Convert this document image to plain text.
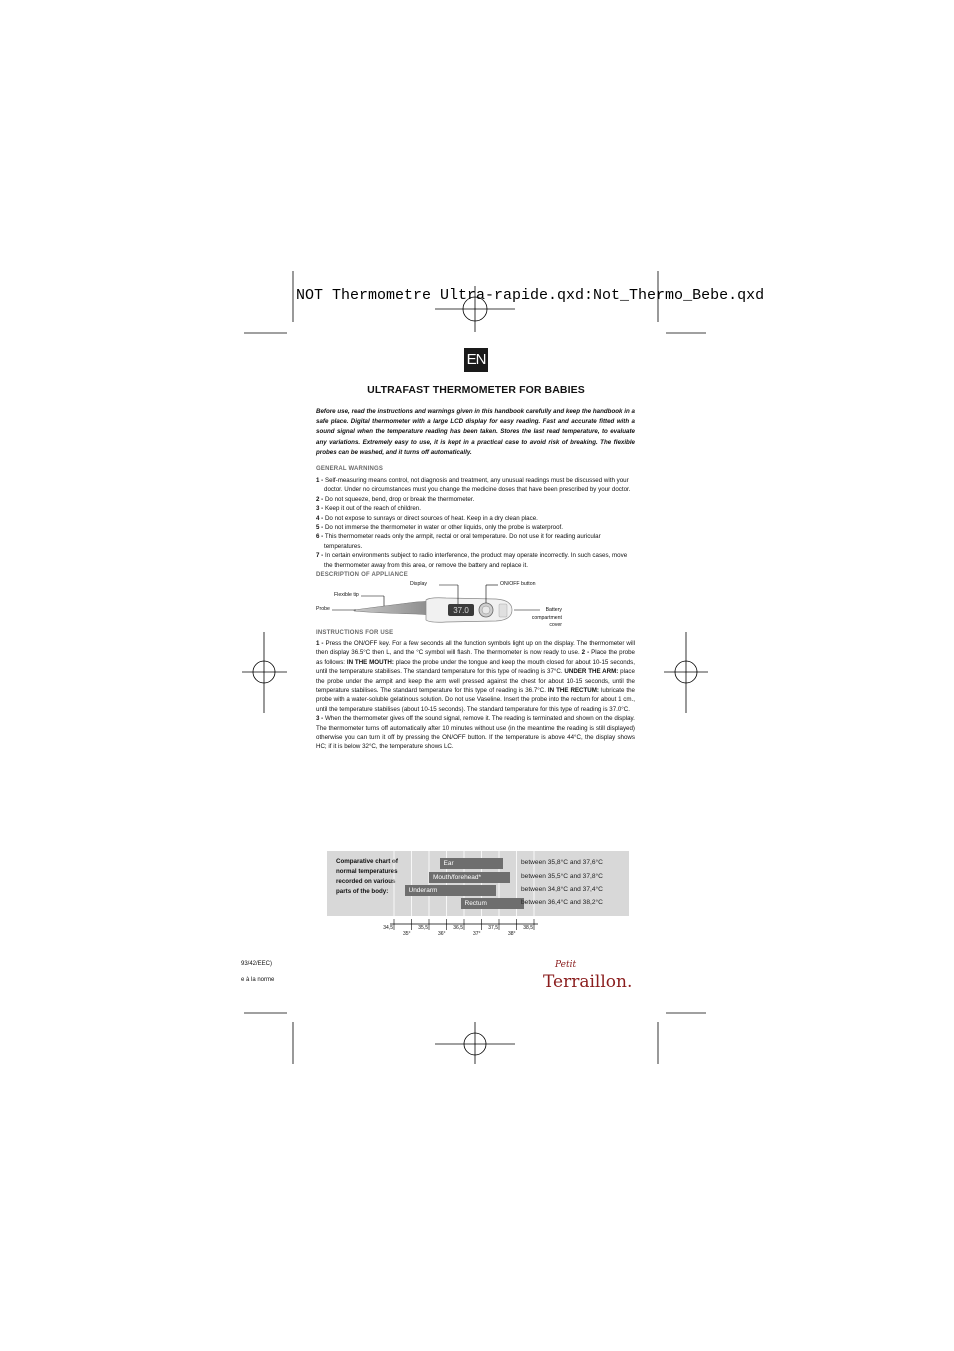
NOT Thermometre Ultra-rapide.qxd:Not_Thermo_Bebe.qxd
EN
ULTRAFAST THERMOMETER FOR BABIES
Before use, read the instructions and warnings given in this handbook carefully and keep the handbook in a safe place. Digital thermometer with a large LCD display for easy reading. Fast and accurate fitted with a sound signal when the temperature reading has been taken. Stores the last read temperature, to evaluate any variations. Extremely easy to use, it is kept in a practical case to avoid risk of breaking. The flexible probes can be washed, and it turns off automatically.
GENERAL WARNINGS
1 - Self-measuring means control, not diagnosis and treatment, any unusual readings must be discussed with your doctor. Under no circumstances must you change the medicine doses that have been prescribed by your doctor.
2 - Do not squeeze, bend, drop or break the thermometer.
3 - Keep it out of the reach of children.
4 - Do not expose to sunrays or direct sources of heat. Keep in a dry clean place.
5 - Do not immerse the thermometer in water or other liquids, only the probe is waterproof.
6 - This thermometer reads only the armpit, rectal or oral temperature. Do not use it for reading auricular temperatures.
7 - In certain environments subject to radio interference, the product may operate incorrectly. In such cases, move the thermometer away from this area, or remove the battery and replace it.
DESCRIPTION OF APPLIANCE
37.0
Display	ON/OFF button
Flexible tip
Probe	Battery
compartment
cover
INSTRUCTIONS FOR USE
1 - Press the ON/OFF key. For a few seconds all the function symbols light up on the display. The thermometer will then display 36.5°C then L, and the °C symbol will flash. The thermometer is now ready to use. 2 - Place the probe as follows: IN THE MOUTH: place the probe under the tongue and keep the mouth closed for about 10-15 seconds, until the temperature stabilises. The standard temperature for this type of reading is 37°C. UNDER THE ARM: place the probe under the armpit and keep the arm well pressed against the chest for about 10-15 seconds, until the temperature stabilises. The standard temperature for this type of reading is 36.7°C. IN THE RECTUM: lubricate the probe with a water-soluble gelatinous solution. Do not use Vaseline. Insert the probe into the rectum for about 1 cm., until the temperature stabilises (about 10-15 seconds). The standard temperature for this type of reading is 37.0°C.
3 - When the thermometer gives off the sound signal, remove it. The reading is terminated and shown on the display.
The thermometer turns off automatically after 10 minutes without use (in the meantime the reading is still displayed) otherwise you can turn it off by pressing the ON/OFF button. If the temperature is above 44°C, the display shows HC; if it is below 32°C, the temperature shows LC.
Comparative chart of normal temperatures recorded on various parts of the body:
Ear	between 35,8°C and 37,6°C
Mouth/forehead*	between 35,5°C and 37,8°C
Underarm	between 34,8°C and 37,4°C
Rectum	between 36,4°C and 38,2°C
34,5	35,5	36,5	37,5	38,5
35°	36°	37°	38°
93/42/EEC)
e à la norme
Petit
Terraillon.
